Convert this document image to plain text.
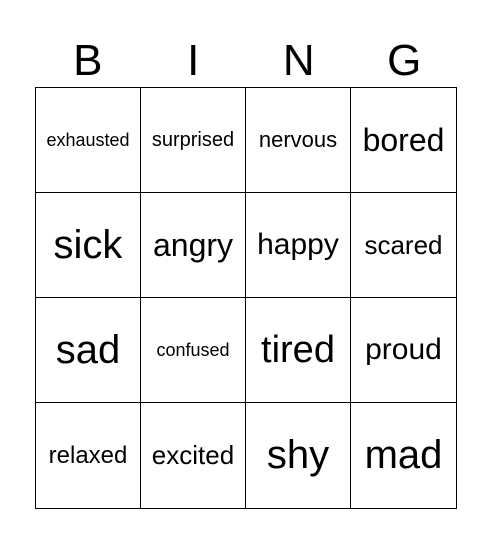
B	I	N	G
exhausted	surprised	nervous bored
sick angry happy scared
sad	confused tired	proud
relaxed excited shy mad
